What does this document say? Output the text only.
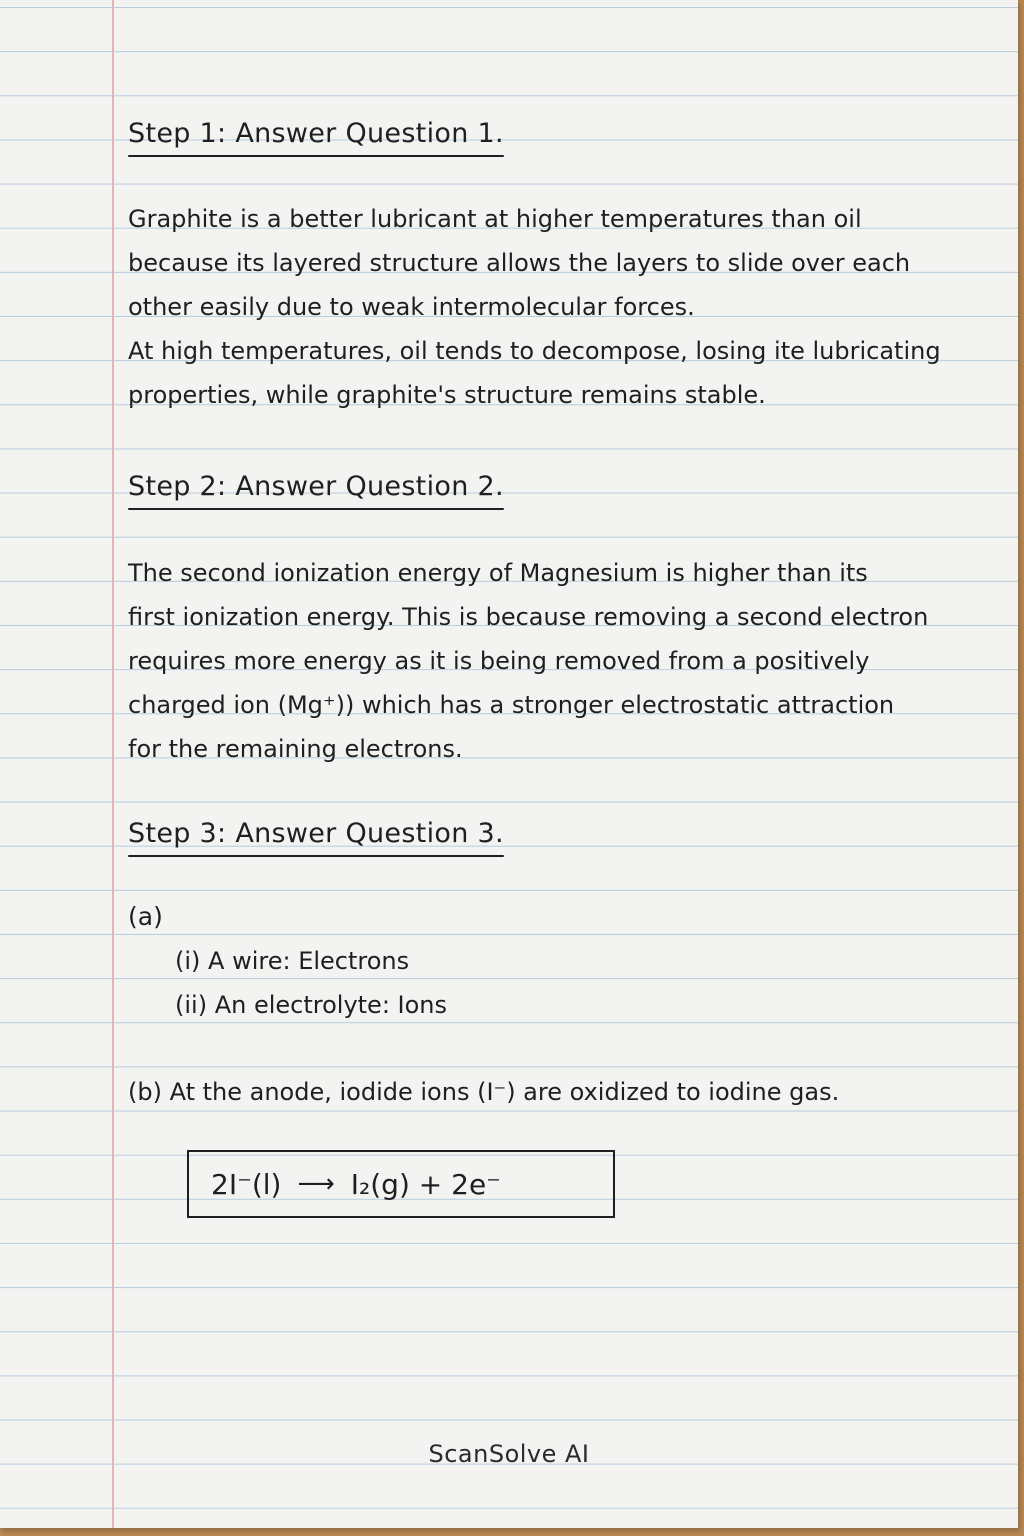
Step 1: Answer Question 1.
Graphite is a better lubricant at higher temperatures than oil
because its layered structure allows the layers to slide over each
other easily due to weak intermolecular forces.
At high temperatures, oil tends to decompose, losing ite lubricating
properties, while graphite's structure remains stable.
Step 2: Answer Question 2.
The second ionization energy of Magnesium is higher than its
first ionization energy. This is because removing a second electron
requires more energy as it is being removed from a positively
charged ion (Mg⁺)) which has a stronger electrostatic attraction
for the remaining electrons.
Step 3: Answer Question 3.
(a)
(i) A wire: Electrons
(ii) An electrolyte: Ions
(b) At the anode, iodide ions (I⁻) are oxidized to iodine gas.
2I⁻(l) ⟶ I₂(g) + 2e⁻
ScanSolve AI
